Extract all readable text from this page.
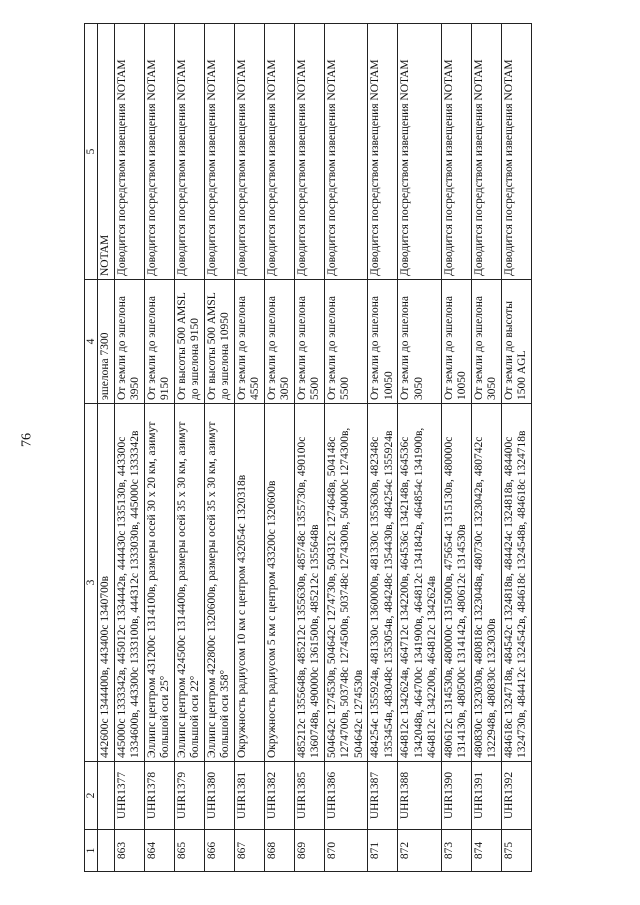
76
1	2	3	4	5
		442600с 1344400в, 443400с 1340700в	эшелона 7300	NOTAM
863	UHR1377	445000с 1333342в, 445012с 1334442в, 444430с 1335130в, 443300с 1334600в, 443300с 1333100в, 444312с 1333030в, 445000с 1333342в	От земли до эшелона 3950	Доводится посредством извещения NOTAM
864	UHR1378	Эллипс центром 431200с 1314100в, размеры осей 30 х 20 км, азимут большой оси 25°	От земли до эшелона 9150	Доводится посредством извещения NOTAM
865	UHR1379	Эллипс центром 424500с 1314400в, размеры осей 35 х 30 км, азимут большой оси 22°	От высоты 500 AMSL до эшелона 9150	Доводится посредством извещения NOTAM
866	UHR1380	Эллипс центром 422800с 1320600в, размеры осей 35 х 30 км, азимут большой оси 358°	От высоты 500 AMSL до эшелона 10950	Доводится посредством извещения NOTAM
867	UHR1381	Окружность радиусом 10 км с центром 432054с 1320318в	От земли до эшелона 4550	Доводится посредством извещения NOTAM
868	UHR1382	Окружность радиусом 5 км с центром 433200с 1320600в	От земли до эшелона 3050	Доводится посредством извещения NOTAM
869	UHR1385	485212с 1355648в, 485212с 1355630в, 485748с 1355730в, 490100с 1360748в, 490000с 1361500в, 485212с 1355648в	От земли до эшелона 5500	Доводится посредством извещения NOTAM
870	UHR1386	504642с 1274530в, 504642с 1274730в, 504312с 1274648в, 504148с 1274700в, 503748с 1274500в, 503748с 1274300в, 504000с 1274300в, 504642с 1274530в	От земли до эшелона 5500	Доводится посредством извещения NOTAM
871	UHR1387	484254с 1355924в, 481330с 1360000в, 481330с 1353630в, 482348с 1353454в, 483048с 1353054в, 484248с 1354430в, 484254с 1355924в	От земли до эшелона 10050	Доводится посредством извещения NOTAM
872	UHR1388	464812с 1342624в, 464712с 1342200в, 464536с 1342148в, 464536с 1342048в, 464700с 1341900в, 464812с 1341842в, 464854с 1341900в, 464812с 1342200в, 464812с 1342624в	От земли до эшелона 3050	Доводится посредством извещения NOTAM
873	UHR1390	480612с 1314530в, 480000с 1315000в, 475654с 1315130в, 480000с 1314130в, 480500с 1314142в, 480612с 1314530в	От земли до эшелона 10050	Доводится посредством извещения NOTAM
874	UHR1391	480830с 1323030в, 480818с 1323048в, 480730с 1323042в, 480742с 1322948в, 480830с 1323030в	От земли до эшелона 3050	Доводится посредством извещения NOTAM
875	UHR1392	484618с 1324718в, 484542с 1324818в, 484424с 1324818в, 484400с 1324730в, 484412с 1324542в, 484618с 1324548в, 484618с 1324718в	От земли до высоты 1500 AGL	Доводится посредством извещения NOTAM
